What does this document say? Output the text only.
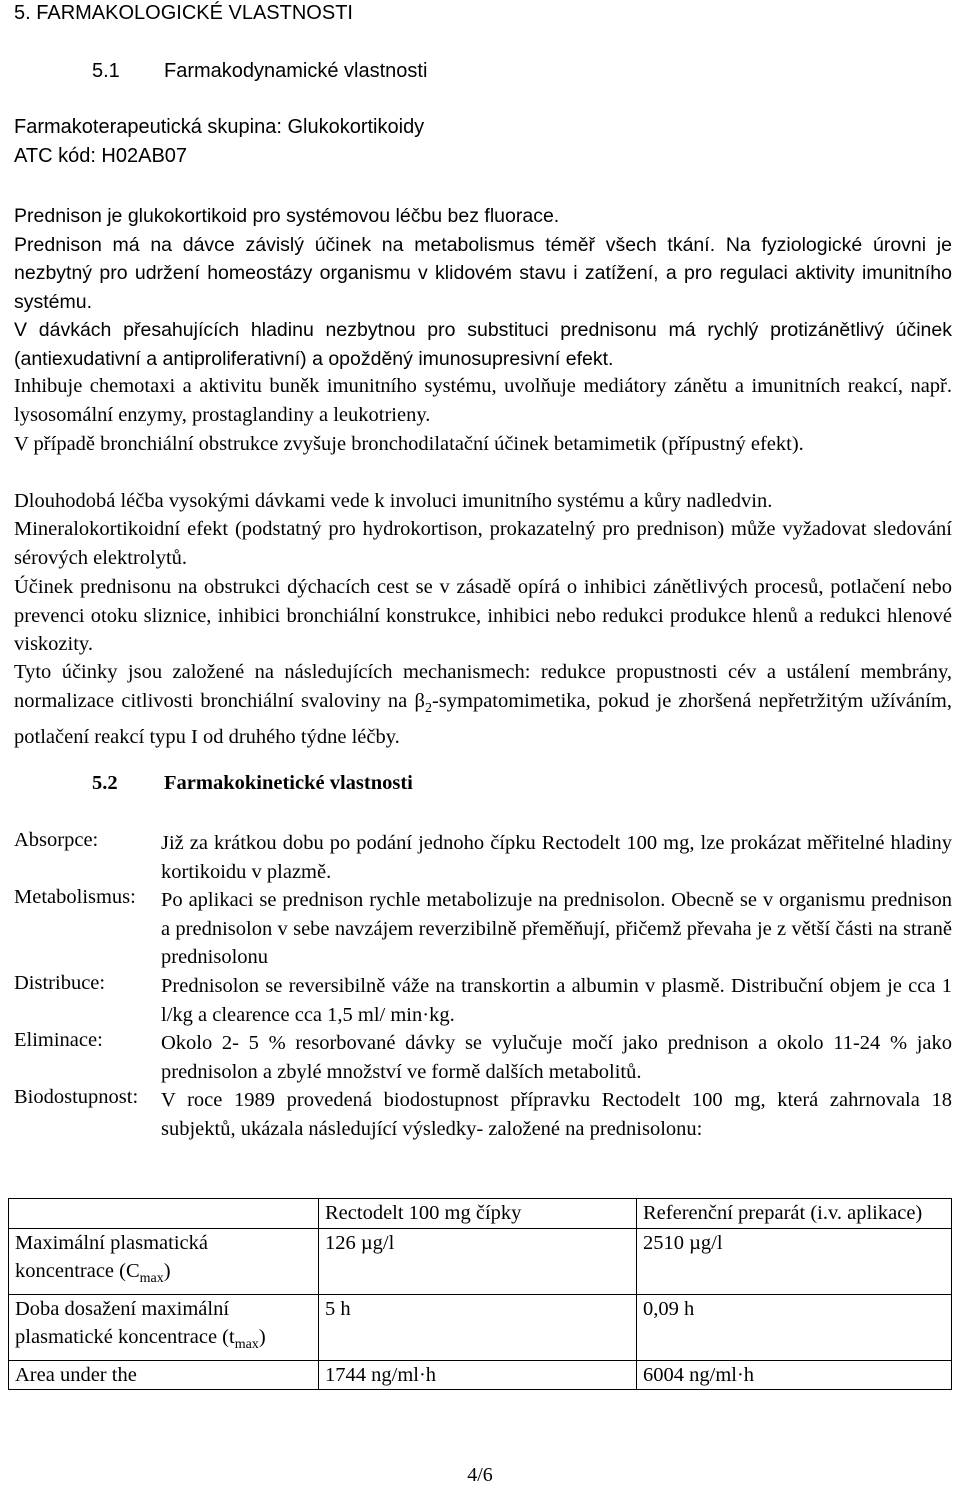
5. FARMAKOLOGICKÉ VLASTNOSTI
5.1 Farmakodynamické vlastnosti
Farmakoterapeutická skupina: Glukokortikoidy
ATC kód: H02AB07
Prednison je glukokortikoid pro systémovou léčbu bez fluorace.
Prednison má na dávce závislý účinek na metabolismus téměř všech tkání. Na fyziologické úrovni je nezbytný pro udržení homeostázy organismu v klidovém stavu i zatížení, a pro regulaci aktivity imunitního systému.
V dávkách přesahujících hladinu nezbytnou pro substituci prednisonu má rychlý protizánětlivý účinek (antiexudativní a antiproliferativní) a opožděný imunosupresivní efekt.
Inhibuje chemotaxi a aktivitu buněk imunitního systému, uvolňuje mediátory zánětu a imunitních reakcí, např. lysosomální enzymy, prostaglandiny a leukotrieny.
V případě bronchiální obstrukce zvyšuje bronchodilatační účinek betamimetik (přípustný efekt).
Dlouhodobá léčba vysokými dávkami vede k involuci imunitního systému a kůry nadledvin.
Mineralokortikoidní efekt (podstatný pro hydrokortison, prokazatelný pro prednison) může vyžadovat sledování sérových elektrolytů.
Účinek prednisonu na obstrukci dýchacích cest se v zásadě opírá o inhibici zánětlivých procesů, potlačení nebo prevenci otoku sliznice, inhibici bronchiální konstrukce, inhibici nebo redukci produkce hlenů a redukci hlenové viskozity.
Tyto účinky jsou založené na následujících mechanismech: redukce propustnosti cév a ustálení membrány, normalizace citlivosti bronchiální svaloviny na $\beta_2$-sympatomimetika, pokud je zhoršená nepřetržitým užíváním, potlačení reakcí typu I od druhého týdne léčby.
5.2 Farmakokinetické vlastnosti
Absorpce:	Již za krátkou dobu po podání jednoho čípku Rectodelt 100 mg, lze prokázat měřitelné hladiny kortikoidu v plazmě.
Metabolismus: Po aplikaci se prednison rychle metabolizuje na prednisolon. Obecně se v organismu prednison a prednisolon v sebe navzájem reverzibilně přeměňují, přičemž převaha je z větší části na straně prednisolonu
Distribuce:	Prednisolon se reversibilně váže na transkortin a albumin v plasmě. Distribuční objem je cca 1 l/kg a clearence cca 1,5 ml/ min·kg.
Eliminace:	Okolo 2- 5 % resorbované dávky se vylučuje močí jako prednison a okolo 11-24 % jako prednisolon a zbylé množství ve formě dalších metabolitů.
Biodostupnost: V roce 1989 provedená biodostupnost přípravku Rectodelt 100 mg, která zahrnovala 18 subjektů, ukázala následující výsledky- založené na prednisolonu:
	Rectodelt 100 mg čípky	Referenční preparát (i.v. aplikace)
Maximální plasmatická koncentrace $(C_{max})$	126 µg/l	2510 µg/l
Doba dosažení maximální plasmatické koncentrace $(t_{max})$	5 h	0,09 h
Area under the	1744 ng/ml·h	6004 ng/ml·h
4/6
